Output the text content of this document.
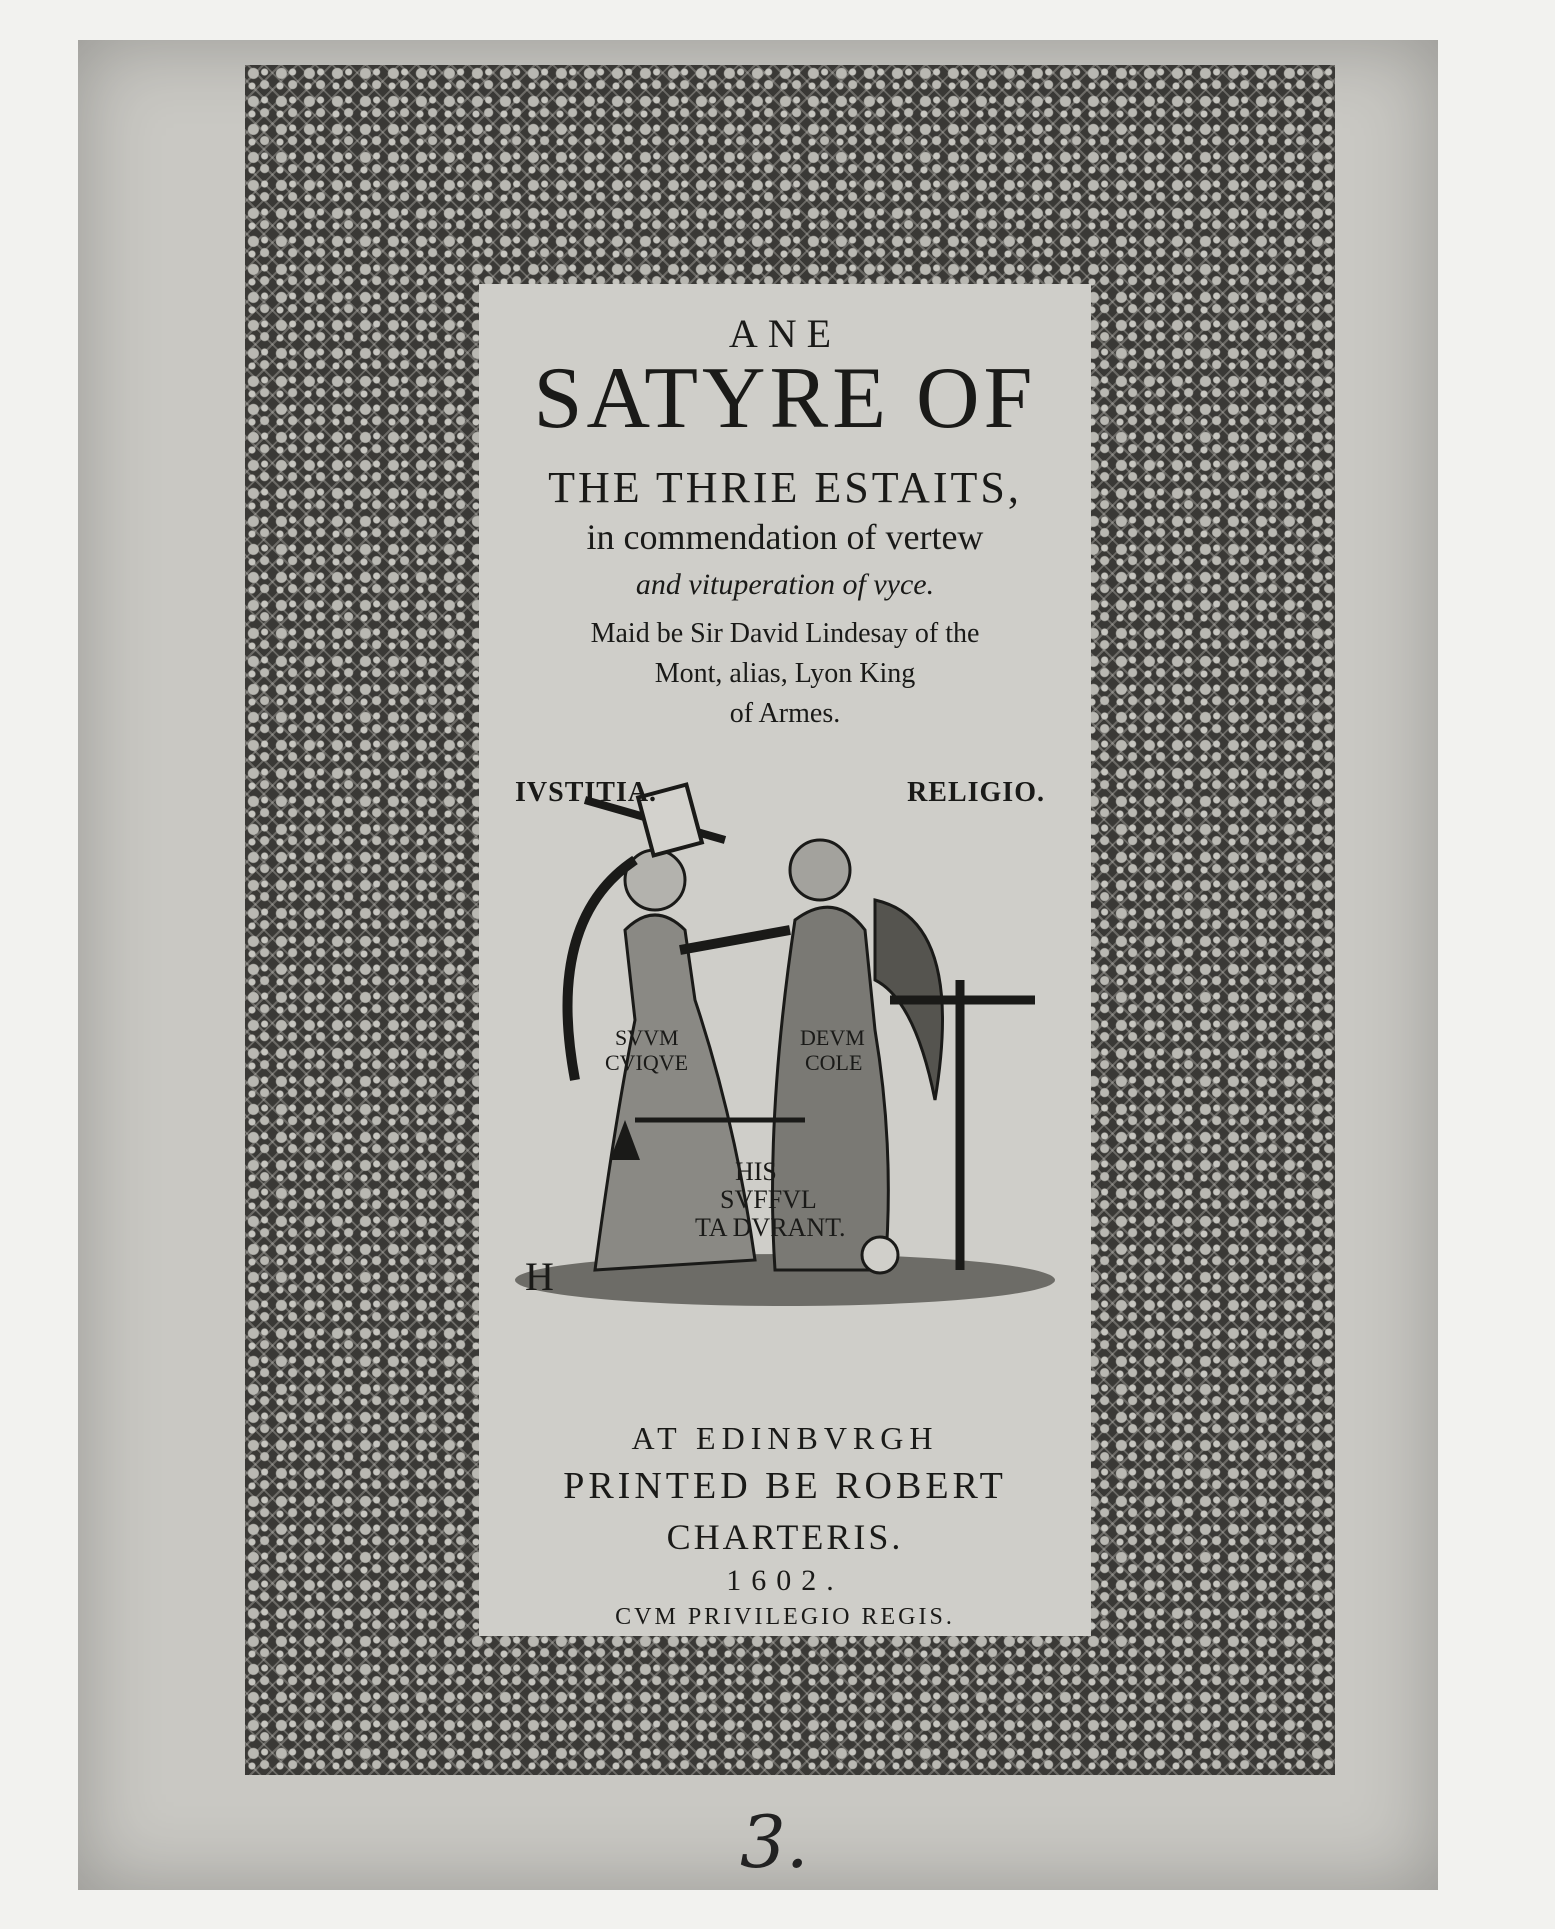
ANE
SATYRE OF
THE THRIE ESTAITS,
in commendation of vertew
and vituperation of vyce.
Maid be Sir David Lindesay of the
Mont, alias, Lyon King
of Armes.
SVVM
CVIQVE
DEVM
COLE
HIS
SVFFVL
TA DVRANT.
H
IVSTITIA.	RELIGIO.
AT EDINBVRGH
PRINTED BE ROBERT
CHARTERIS.
1602.
CVM PRIVILEGIO REGIS.
3.
